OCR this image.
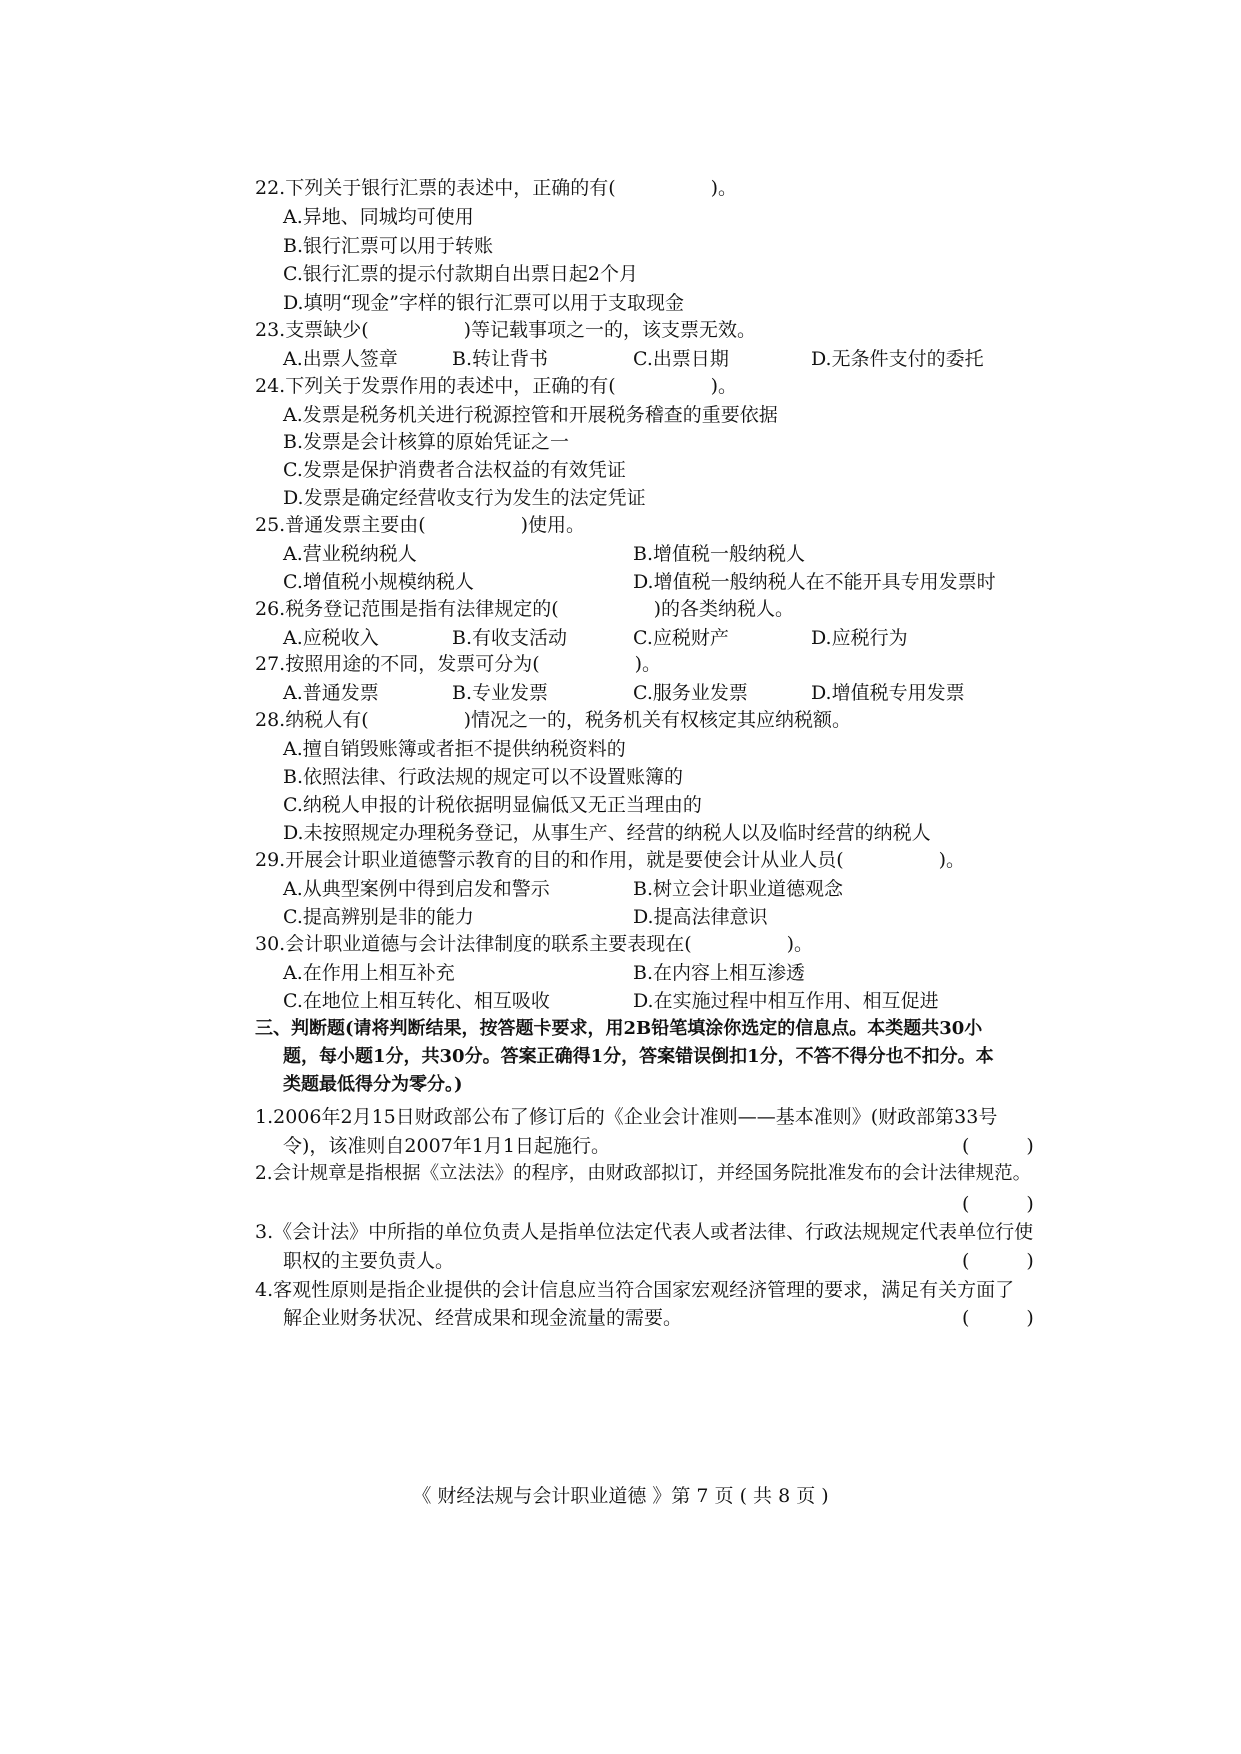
22.下列关于银行汇票的表述中，正确的有(　　　　　)。
A.异地、同城均可使用
B.银行汇票可以用于转账
C.银行汇票的提示付款期自出票日起2个月
D.填明“现金”字样的银行汇票可以用于支取现金
23.支票缺少(　　　　　)等记载事项之一的，该支票无效。
A.出票人签章	B.转让背书	C.出票日期	D.无条件支付的委托
24.下列关于发票作用的表述中，正确的有(　　　　　)。
A.发票是税务机关进行税源控管和开展税务稽查的重要依据
B.发票是会计核算的原始凭证之一
C.发票是保护消费者合法权益的有效凭证
D.发票是确定经营收支行为发生的法定凭证
25.普通发票主要由(　　　　　)使用。
A.营业税纳税人	B.增值税一般纳税人
C.增值税小规模纳税人	D.增值税一般纳税人在不能开具专用发票时
26.税务登记范围是指有法律规定的(　　　　　)的各类纳税人。
A.应税收入	B.有收支活动	C.应税财产	D.应税行为
27.按照用途的不同，发票可分为(　　　　　)。
A.普通发票	B.专业发票	C.服务业发票	D.增值税专用发票
28.纳税人有(　　　　　)情况之一的，税务机关有权核定其应纳税额。
A.擅自销毁账簿或者拒不提供纳税资料的
B.依照法律、行政法规的规定可以不设置账簿的
C.纳税人申报的计税依据明显偏低又无正当理由的
D.未按照规定办理税务登记，从事生产、经营的纳税人以及临时经营的纳税人
29.开展会计职业道德警示教育的目的和作用，就是要使会计从业人员(　　　　　)。
A.从典型案例中得到启发和警示	B.树立会计职业道德观念
C.提高辨别是非的能力	D.提高法律意识
30.会计职业道德与会计法律制度的联系主要表现在(　　　　　)。
A.在作用上相互补充	B.在内容上相互渗透
C.在地位上相互转化、相互吸收	D.在实施过程中相互作用、相互促进
三、判断题(请将判断结果，按答题卡要求，用2B铅笔填涂你选定的信息点。本类题共30小
题，每小题1分，共30分。答案正确得1分，答案错误倒扣1分，不答不得分也不扣分。本
类题最低得分为零分。)
1.2006年2月15日财政部公布了修订后的《企业会计准则——基本准则》(财政部第33号
令)，该准则自2007年1月1日起施行。	(　　　)
2.会计规章是指根据《立法法》的程序，由财政部拟订，并经国务院批准发布的会计法律规范。
(　　　)
3.《会计法》中所指的单位负责人是指单位法定代表人或者法律、行政法规规定代表单位行使
职权的主要负责人。	(　　　)
4.客观性原则是指企业提供的会计信息应当符合国家宏观经济管理的要求，满足有关方面了
解企业财务状况、经营成果和现金流量的需要。	(　　　)
《 财经法规与会计职业道德 》第 7 页 ( 共 8 页 )
